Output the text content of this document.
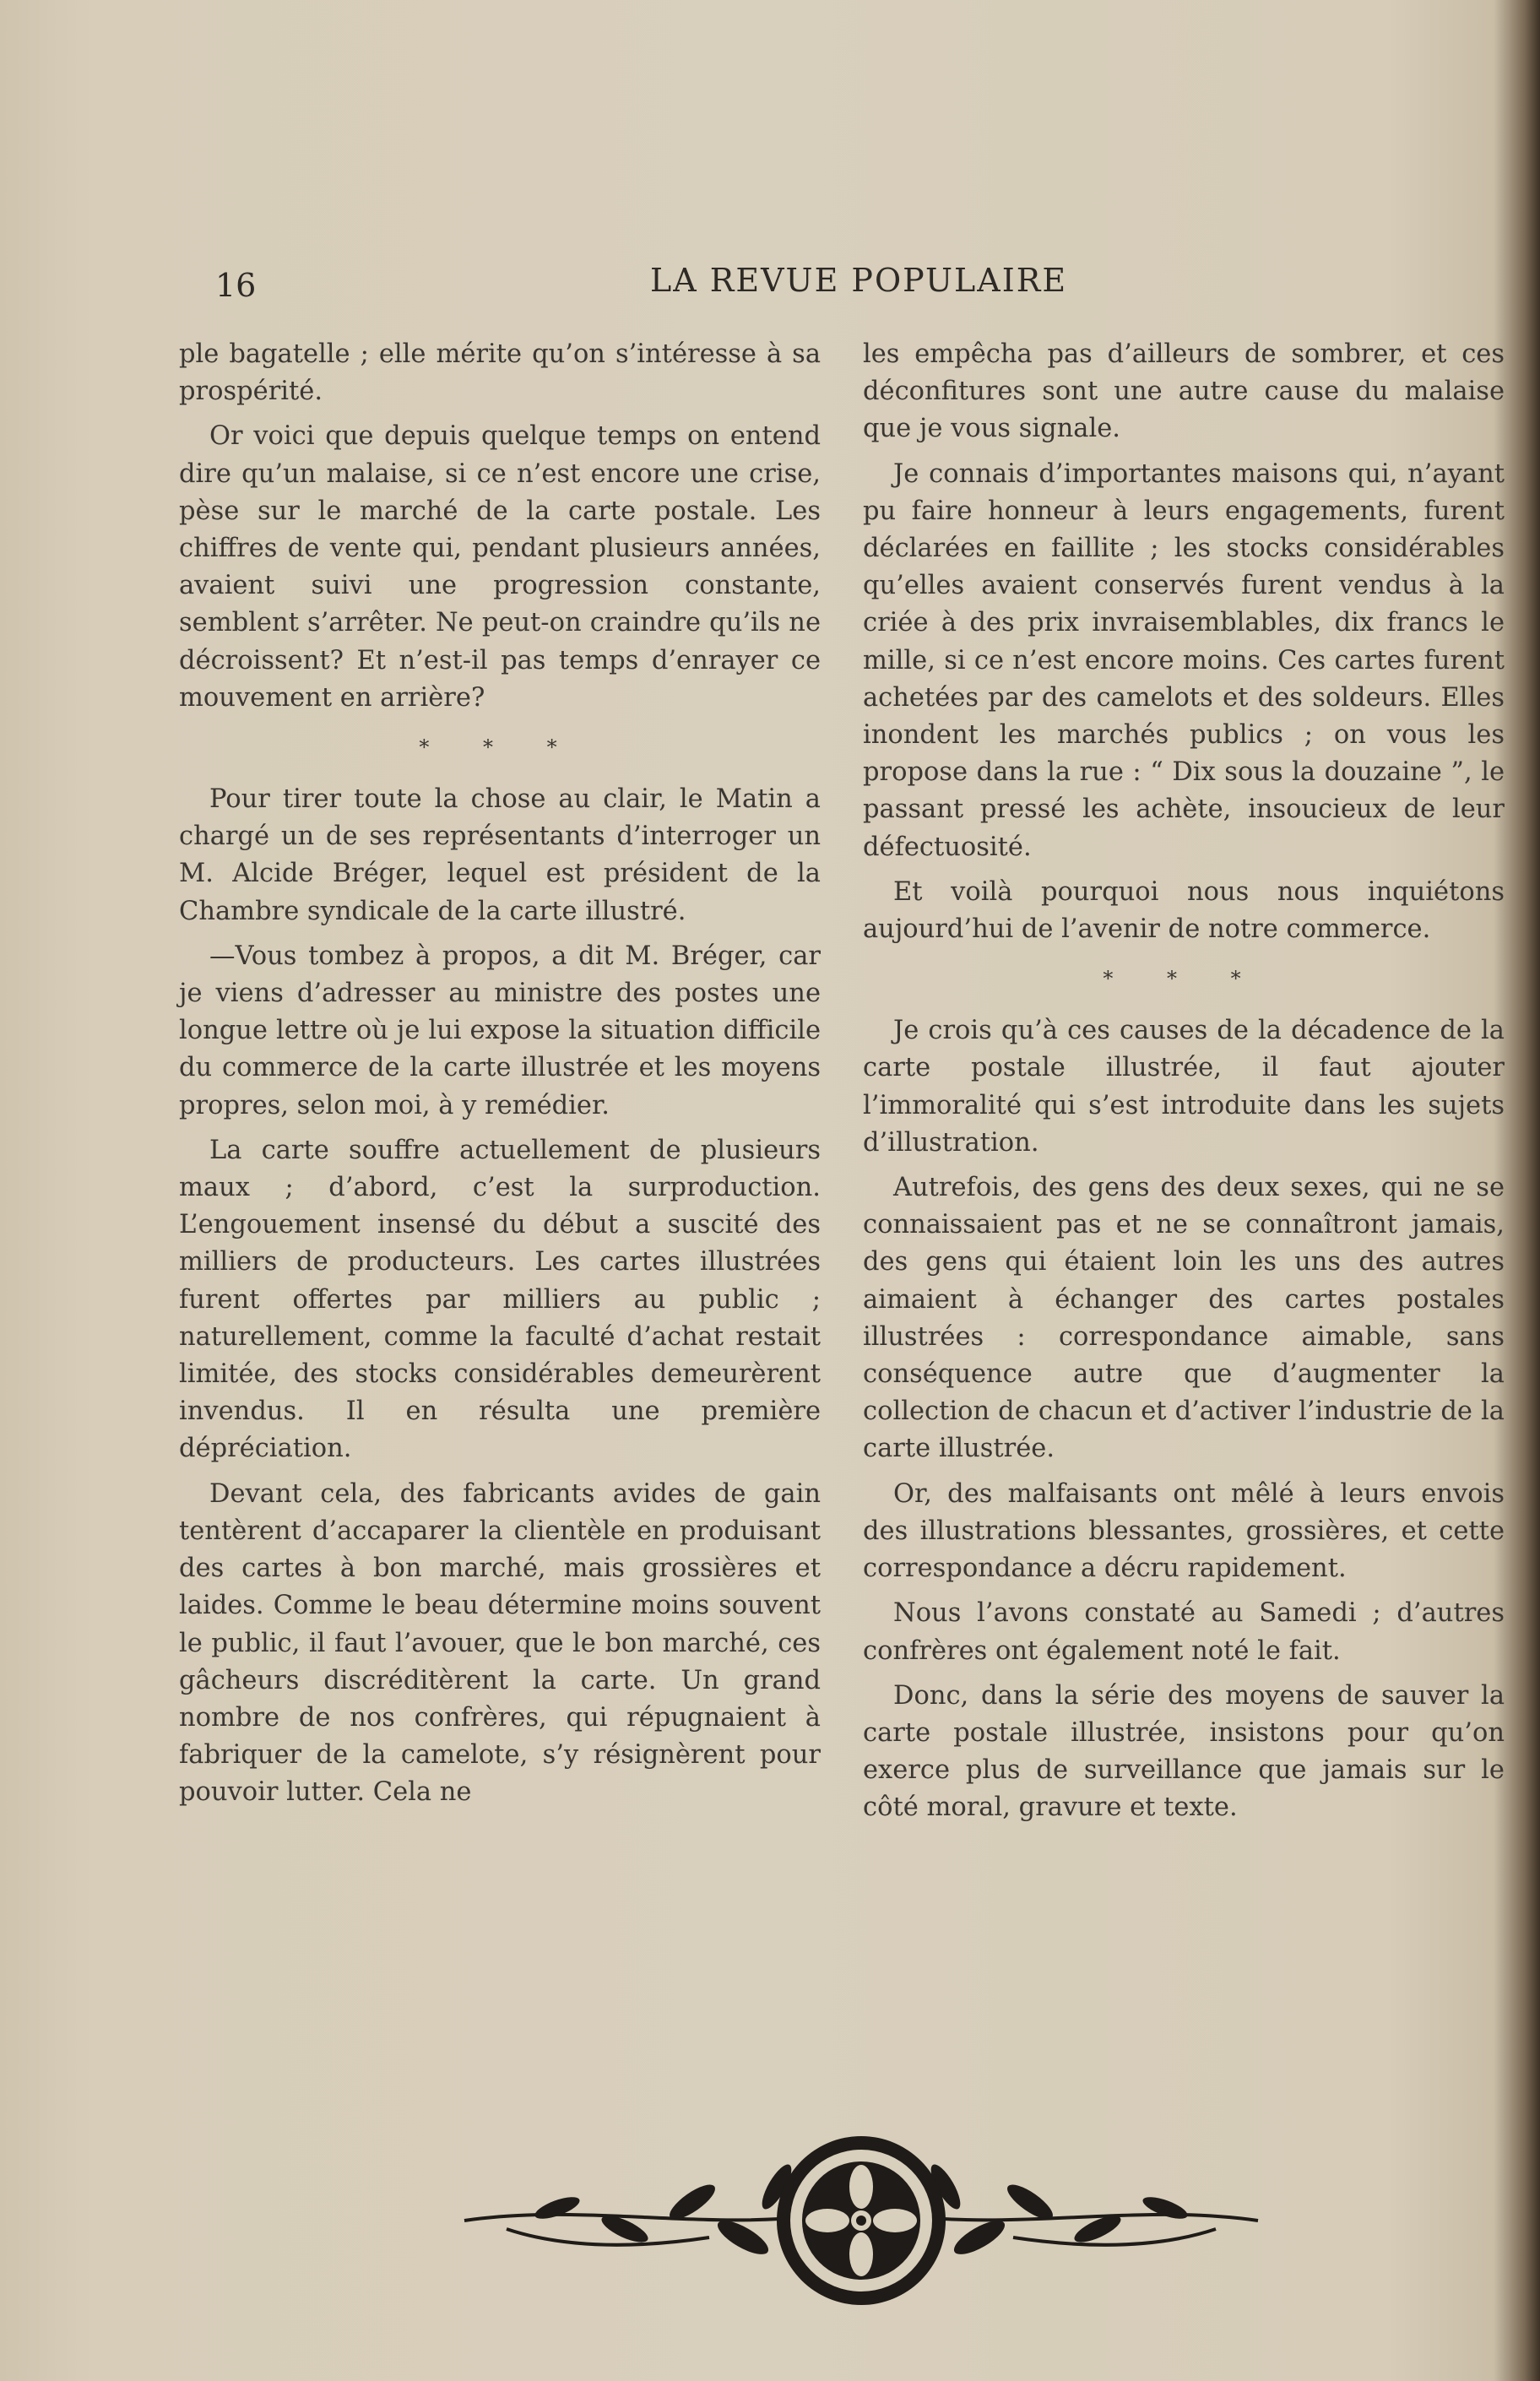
16	LA REVUE POPULAIRE

ple bagatelle ; elle mérite qu’on s’intéresse à sa prospérité.

Or voici que depuis quelque temps on entend dire qu’un malaise, si ce n’est encore une crise, pèse sur le marché de la carte postale. Les chiffres de vente qui, pendant plusieurs années, avaient suivi une progression constante, semblent s’arrêter. Ne peut-on craindre qu’ils ne décroissent? Et n’est-il pas temps d’enrayer ce mouvement en arrière?

* * *

Pour tirer toute la chose au clair, le Matin a chargé un de ses représentants d’interroger un M. Alcide Bréger, lequel est président de la Chambre syndicale de la carte illustré.

—Vous tombez à propos, a dit M. Bréger, car je viens d’adresser au ministre des postes une longue lettre où je lui expose la situation difficile du commerce de la carte illustrée et les moyens propres, selon moi, à y remédier.

La carte souffre actuellement de plusieurs maux ; d’abord, c’est la surproduction. L’engouement insensé du début a suscité des milliers de producteurs. Les cartes illustrées furent offertes par milliers au public ; naturellement, comme la faculté d’achat restait limitée, des stocks considérables demeurèrent invendus. Il en résulta une première dépréciation.

Devant cela, des fabricants avides de gain tentèrent d’accaparer la clientèle en produisant des cartes à bon marché, mais grossières et laides. Comme le beau détermine moins souvent le public, il faut l’avouer, que le bon marché, ces gâcheurs discréditèrent la carte. Un grand nombre de nos confrères, qui répugnaient à fabriquer de la camelote, s’y résignèrent pour pouvoir lutter. Cela ne

les empêcha pas d’ailleurs de sombrer, et ces déconfitures sont une autre cause du malaise que je vous signale.

Je connais d’importantes maisons qui, n’ayant pu faire honneur à leurs engagements, furent déclarées en faillite ; les stocks considérables qu’elles avaient conservés furent vendus à la criée à des prix invraisemblables, dix francs le mille, si ce n’est encore moins. Ces cartes furent achetées par des camelots et des soldeurs. Elles inondent les marchés publics ; on vous les propose dans la rue : “ Dix sous la douzaine ”, le passant pressé les achète, insoucieux de leur défectuosité.

Et voilà pourquoi nous nous inquiétons aujourd’hui de l’avenir de notre commerce.

* * *

Je crois qu’à ces causes de la décadence de la carte postale illustrée, il faut ajouter l’immoralité qui s’est introduite dans les sujets d’illustration.

Autrefois, des gens des deux sexes, qui ne se connaissaient pas et ne se connaîtront jamais, des gens qui étaient loin les uns des autres aimaient à échanger des cartes postales illustrées : correspondance aimable, sans conséquence autre que d’augmenter la collection de chacun et d’activer l’industrie de la carte illustrée.

Or, des malfaisants ont mêlé à leurs envois des illustrations blessantes, grossières, et cette correspondance a décru rapidement.

Nous l’avons constaté au Samedi ; d’autres confrères ont également noté le fait.

Donc, dans la série des moyens de sauver la carte postale illustrée, insistons pour qu’on exerce plus de surveillance que jamais sur le côté moral, gravure et texte.
